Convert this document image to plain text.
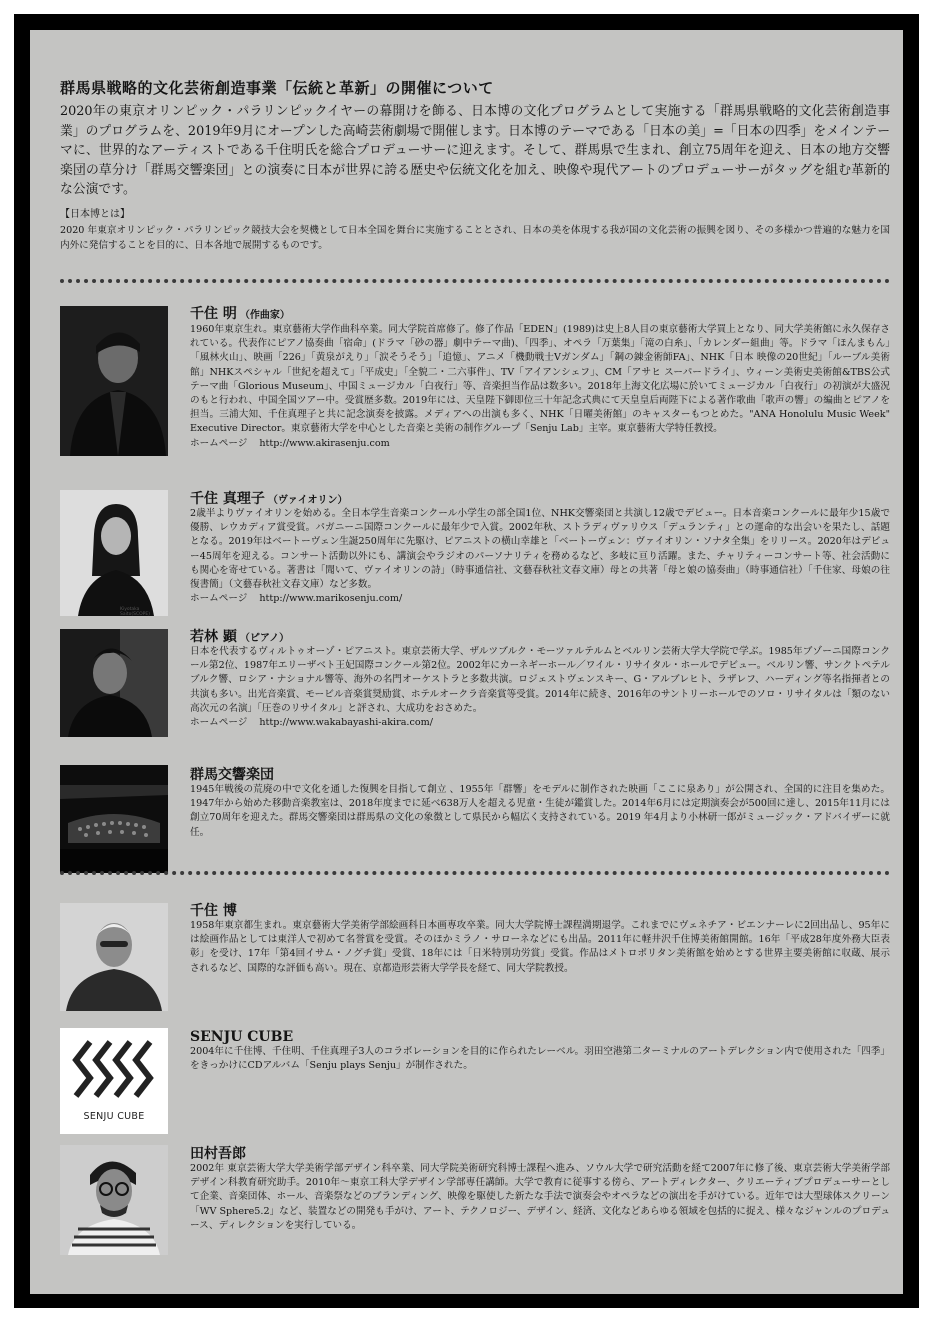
群馬県戦略的文化芸術創造事業「伝統と革新」の開催について
2020年の東京オリンピック・パラリンピックイヤーの幕開けを飾る、日本博の文化プログラムとして実施する「群馬県戦略的文化芸術創造事業」のプログラムを、2019年9月にオープンした高崎芸術劇場で開催します。日本博のテーマである「日本の美」=「日本の四季」をメインテーマに、世界的なアーティストである千住明氏を総合プロデューサーに迎えます。そして、群馬県で生まれ、創立75周年を迎え、日本の地方交響楽団の草分け「群馬交響楽団」との演奏に日本が世界に誇る歴史や伝統文化を加え、映像や現代アートのプロデューサーがタッグを組む革新的な公演です。
【日本博とは】
2020 年東京オリンピック・パラリンピック競技大会を契機として日本全国を舞台に実施することとされ、日本の美を体現する我が国の文化芸術の振興を図り、その多様かつ普遍的な魅力を国内外に発信することを目的に、日本各地で展開するものです。
千住 明 （作曲家）
1960年東京生れ。東京藝術大学作曲科卒業。同大学院首席修了。修了作品「EDEN」(1989)は史上8人目の東京藝術大学買上となり、同大学美術館に永久保存されている。代表作にピアノ協奏曲「宿命」(ドラマ「砂の器」劇中テーマ曲)、「四季」、オペラ「万葉集」「滝の白糸」、「カレンダー組曲」等。ドラマ「ほんまもん」「風林火山」、映画「226」「黄泉がえり」「涙そうそう」「追憶」、アニメ「機動戦士Vガンダム」「鋼の錬金術師FA」、NHK「日本 映像の20世紀」「ルーブル美術館」NHKスペシャル「世紀を超えて」「平成史」「全貌二・二六事件」、TV「アイアンシェフ」、CM「アサヒ スーパードライ」、ウィーン美術史美術館&TBS公式テーマ曲「Glorious Museum」、中国ミュージカル「白夜行」等、音楽担当作品は数多い。2018年上海文化広場に於いてミュージカル「白夜行」の初演が大盛況のもと行われ、中国全国ツアー中。受賞歴多数。2019年には、天皇陛下御即位三十年記念式典にて天皇皇后両陛下による著作歌曲「歌声の響」の編曲とピアノを担当。三浦大知、千住真理子と共に記念演奏を披露。メディアへの出演も多く、NHK「日曜美術館」のキャスターもつとめた。"ANA Honolulu Music Week" Executive Director。東京藝術大学を中心とした音楽と美術の制作グループ「Senju Lab」主宰。東京藝術大学特任教授。
ホームページ http://www.akirasenju.com
Kiyotaka Saito(SCOPE)
千住 真理子 （ヴァイオリン）
2歳半よりヴァイオリンを始める。全日本学生音楽コンクール小学生の部全国1位、NHK交響楽団と共演し12歳でデビュー。日本音楽コンクールに最年少15歳で優勝、レウカディア賞受賞。パガニーニ国際コンクールに最年少で入賞。2002年秋、ストラディヴァリウス「デュランティ」との運命的な出会いを果たし、話題となる。2019年はベートーヴェン生誕250周年に先駆け、ピアニストの横山幸雄と「ベートーヴェン：ヴァイオリン・ソナタ全集」をリリース。2020年はデビュー45周年を迎える。コンサート活動以外にも、講演会やラジオのパーソナリティを務めるなど、多岐に亘り活躍。また、チャリティーコンサート等、社会活動にも関心を寄せている。著書は「聞いて、ヴァイオリンの詩」（時事通信社、文藝春秋社文春文庫）母との共著「母と娘の協奏曲」（時事通信社）「千住家、母娘の往復書簡」（文藝春秋社文春文庫）など多数。
ホームページ http://www.marikosenju.com/
若林 顕 （ピアノ）
日本を代表するヴィルトゥオーゾ・ピアニスト。東京芸術大学、ザルツブルク・モーツァルテルムとベルリン芸術大学大学院で学ぶ。1985年ブゾーニ国際コンクール第2位、1987年エリーザベト王妃国際コンクール第2位。2002年にカーネギーホール／ワイル・リサイタル・ホールでデビュー。ベルリン響、サンクトペテルブルク響、ロシア・ナショナル響等、海外の名門オーケストラと多数共演。ロジェストヴェンスキー、G・アルブレヒト、ラザレフ、ハーディング等名指揮者との共演も多い。出光音楽賞、モービル音楽賞奨励賞、ホテルオークラ音楽賞等受賞。2014年に続き、2016年のサントリーホールでのソロ・リサイタルは「類のない高次元の名演」「圧巻のリサイタル」と評され、大成功をおさめた。
ホームページ http://www.wakabayashi-akira.com/
群馬交響楽団
1945年戦後の荒廃の中で文化を通した復興を目指して創立 、1955年「群響」をモデルに制作された映画「ここに泉あり」が公開され、全国的に注目を集めた。1947年から始めた移動音楽教室は、2018年度までに延べ638万人を超える児童・生徒が鑑賞した。2014年6月には定期演奏会が500回に達し、2015年11月には創立70周年を迎えた。群馬交響楽団は群馬県の文化の象徴として県民から幅広く支持されている。2019 年4月より小林研一郎がミュージック・アドバイザーに就任。
千住 博
1958年東京都生まれ。東京藝術大学美術学部絵画科日本画専攻卒業。同大大学院博士課程満期退学。これまでにヴェネチア・ビエンナーレに2回出品し、95年には絵画作品としては東洋人で初めて名誉賞を受賞。そのほかミラノ・サローネなどにも出品。2011年に軽井沢千住博美術館開館。16年「平成28年度外務大臣表彰」を受け、17年「第4回イサム・ノグチ賞」受賞、18年には「日米特別功労賞」受賞。作品はメトロポリタン美術館を始めとする世界主要美術館に収蔵、展示されるなど、国際的な評価も高い。現在、京都造形芸術大学学長を経て、同大学院教授。
SENJU CUBE
SENJU CUBE
2004年に千住博、千住明、千住真理子3人のコラボレーションを目的に作られたレーベル。羽田空港第二ターミナルのアートデレクション内で使用された「四季」をきっかけにCDアルバム「Senju plays Senju」が制作された。
田村吾郎
2002年 東京芸術大学大学美術学部デザイン科卒業、同大学院美術研究科博士課程へ進み、ソウル大学で研究活動を経て2007年に修了後、東京芸術大学美術学部デザイン科教育研究助手。2010年〜東京工科大学デザイン学部専任講師。大学で教育に従事する傍ら、アートディレクター、クリエーティブプロデューサーとして企業、音楽団体、ホール、音楽祭などのブランディング、映像を駆使した新たな手法で演奏会やオペラなどの演出を手がけている。近年では大型球体スクリーン「WV Sphere5.2」など、装置などの開発も手がけ、アート、テクノロジー、デザイン、経済、文化などあらゆる領域を包括的に捉え、様々なジャンルのプロデュース、ディレクションを実行している。
